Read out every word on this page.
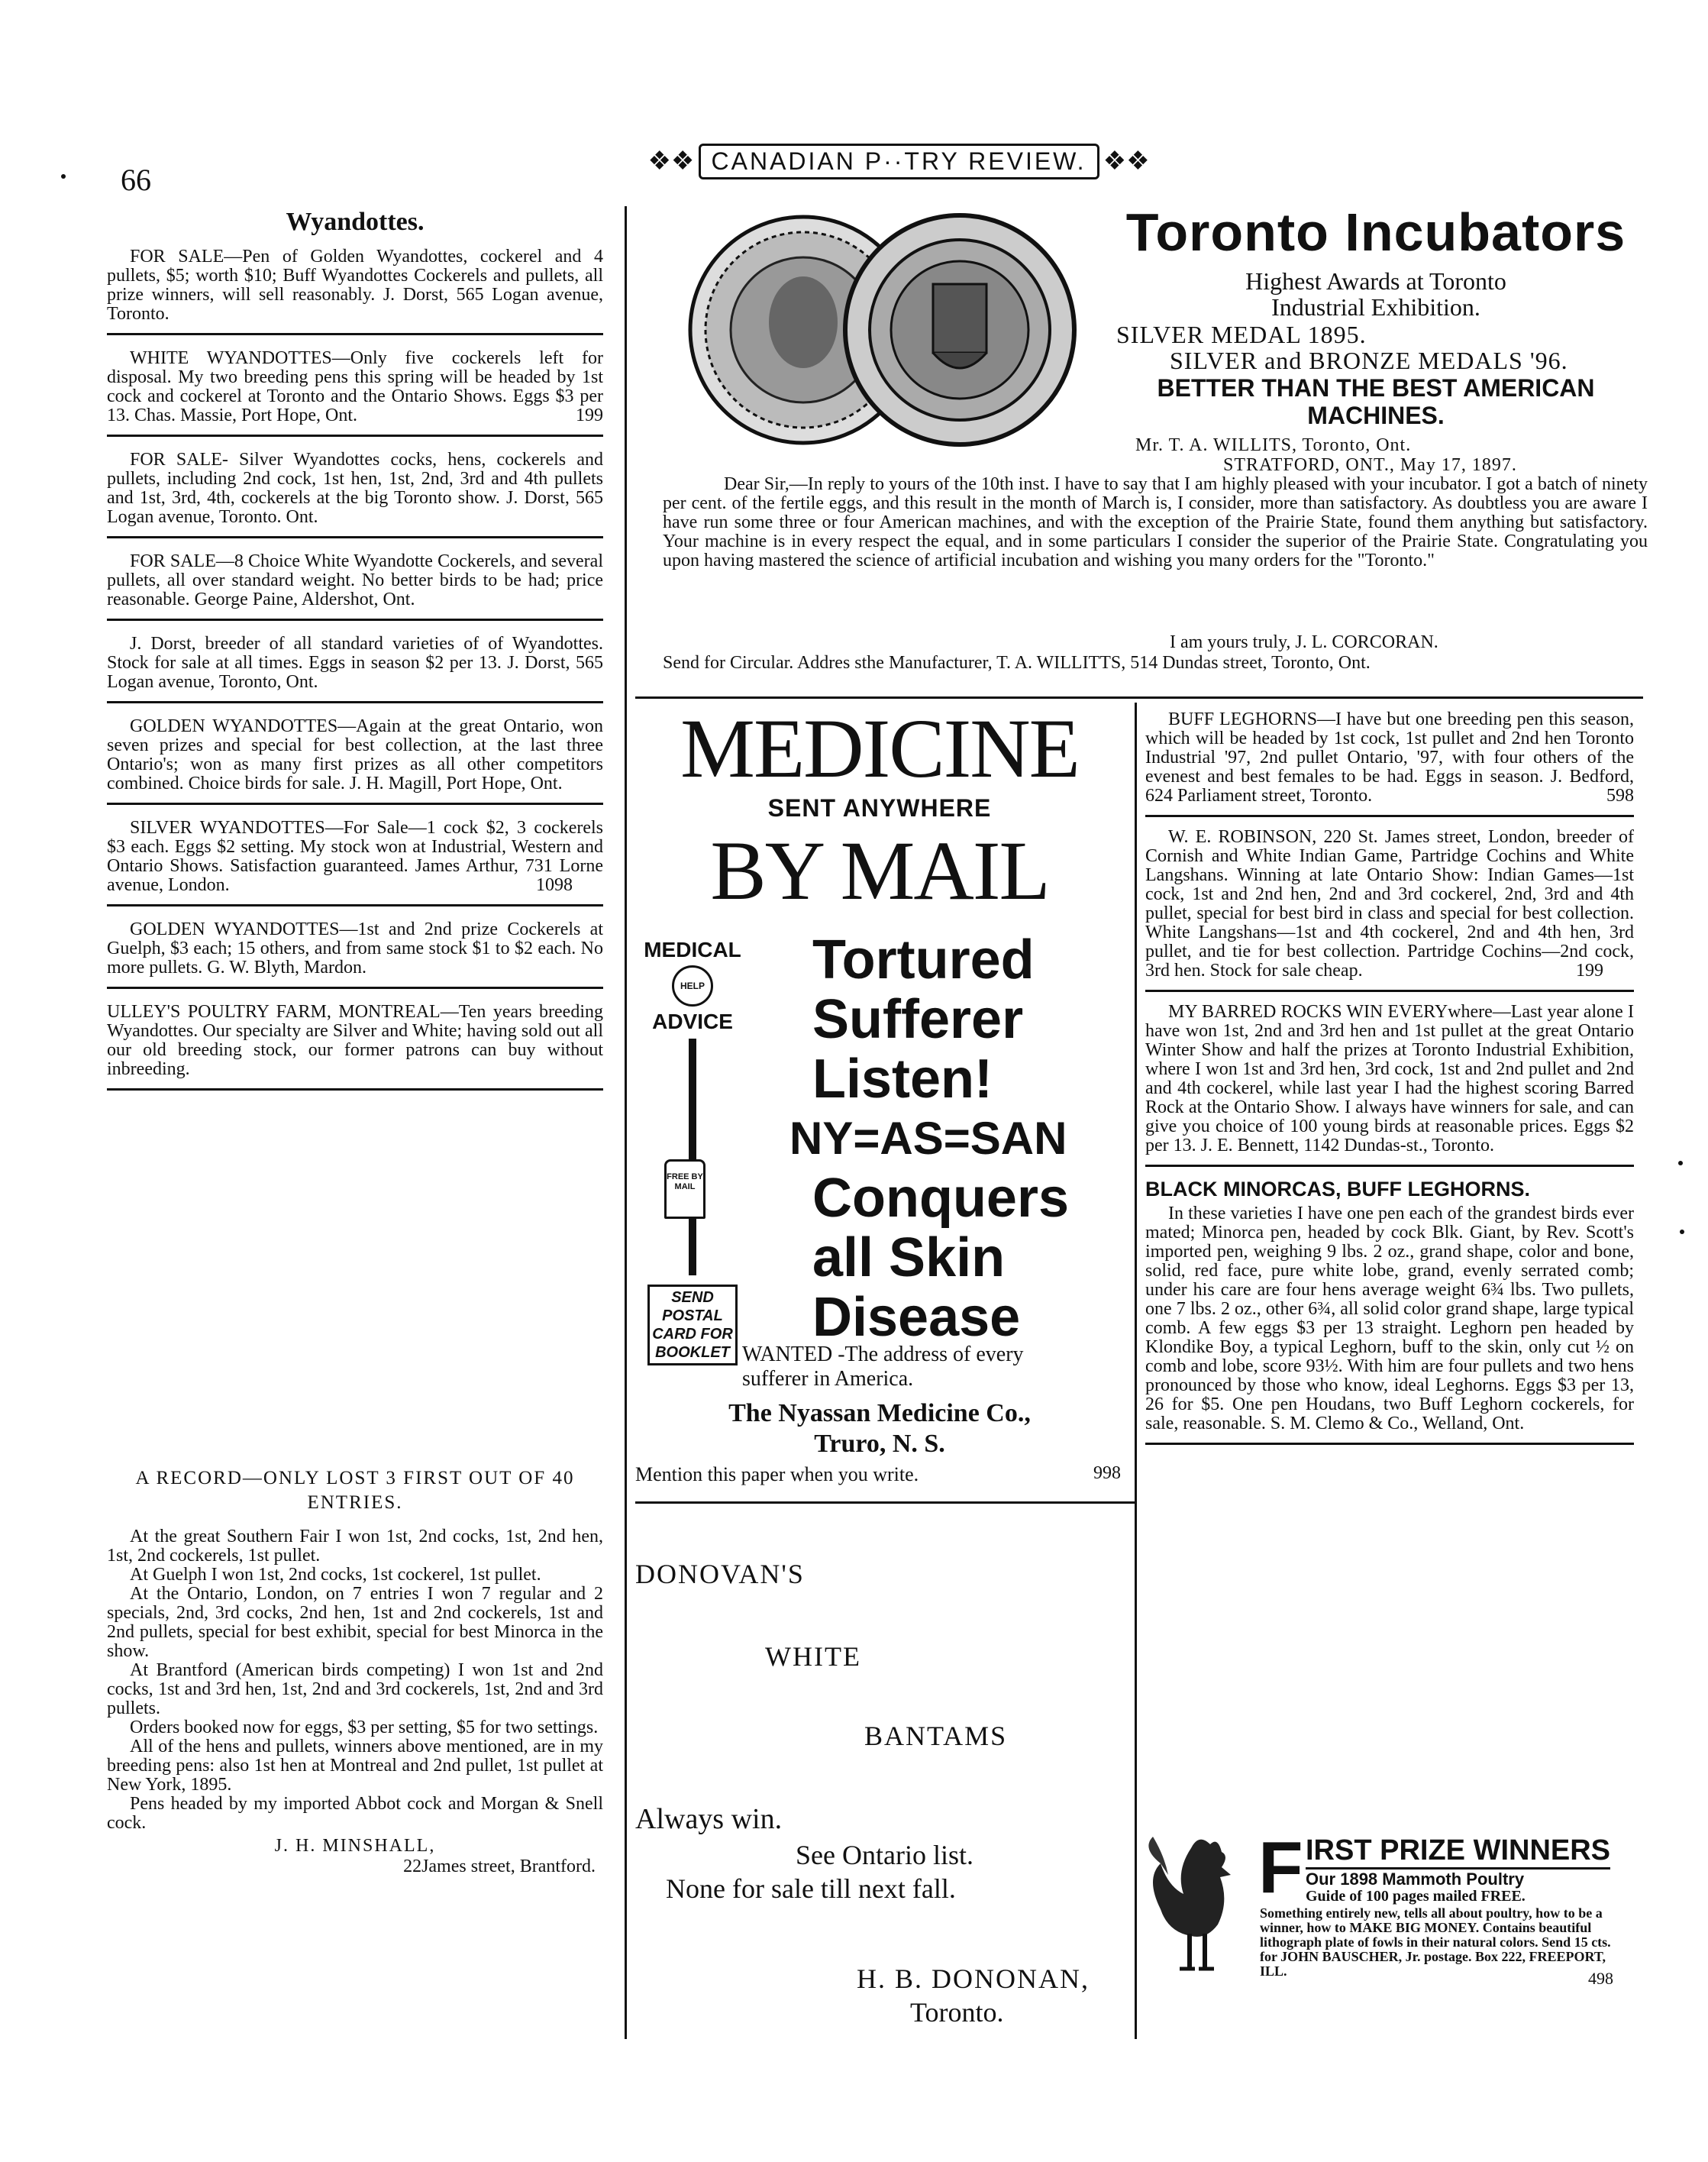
66
❖❖ CANADIAN P··TRY REVIEW. ❖❖
Wyandottes.

FOR SALE—Pen of Golden Wyandottes, cockerel and 4 pullets, $5; worth $10; Buff Wyandottes Cockerels and pullets, all prize winners, will sell reasonably. J. Dorst, 565 Logan avenue, Toronto.

WHITE WYANDOTTES—Only five cockerels left for disposal. My two breeding pens this spring will be headed by 1st cock and cockerel at Toronto and the Ontario Shows. Eggs $3 per 13. Chas. Massie, Port Hope, Ont.	199

FOR SALE- Silver Wyandottes cocks, hens, cockerels and pullets, including 2nd cock, 1st hen, 1st, 2nd, 3rd and 4th pullets and 1st, 3rd, 4th, cockerels at the big Toronto show. J. Dorst, 565 Logan avenue, Toronto. Ont.

FOR SALE—8 Choice White Wyandotte Cockerels, and several pullets, all over standard weight. No better birds to be had; price reasonable. George Paine, Aldershot, Ont.

J. Dorst, breeder of all standard varieties of of Wyandottes. Stock for sale at all times. Eggs in season $2 per 13. J. Dorst, 565 Logan avenue, Toronto, Ont.

GOLDEN WYANDOTTES—Again at the great Ontario, won seven prizes and special for best collection, at the last three Ontario's; won as many first prizes as all other competitors combined. Choice birds for sale. J. H. Magill, Port Hope, Ont.

SILVER WYANDOTTES—For Sale—1 cock $2, 3 cockerels $3 each. Eggs $2 setting. My stock won at Industrial, Western and Ontario Shows. Satisfaction guaranteed. James Arthur, 731 Lorne avenue, London.	1098

GOLDEN WYANDOTTES—1st and 2nd prize Cockerels at Guelph, $3 each; 15 others, and from same stock $1 to $2 each. No more pullets. G. W. Blyth, Mardon.

ULLEY'S POULTRY FARM, MONTREAL—Ten years breeding Wyandottes. Our specialty are Silver and White; having sold out all our old breeding stock, our former patrons can buy without inbreeding.

A RECORD—ONLY LOST 3 FIRST OUT OF 40 ENTRIES.

At the great Southern Fair I won 1st, 2nd cocks, 1st, 2nd hen, 1st, 2nd cockerels, 1st pullet.

At Guelph I won 1st, 2nd cocks, 1st cockerel, 1st pullet.

At the Ontario, London, on 7 entries I won 7 regular and 2 specials, 2nd, 3rd cocks, 2nd hen, 1st and 2nd cockerels, 1st and 2nd pullets, special for best exhibit, special for best Minorca in the show.

At Brantford (American birds competing) I won 1st and 2nd cocks, 1st and 3rd hen, 1st, 2nd and 3rd cockerels, 1st, 2nd and 3rd pullets.

Orders booked now for eggs, $3 per setting, $5 for two settings.

All of the hens and pullets, winners above mentioned, are in my breeding pens: also 1st hen at Montreal and 2nd pullet, 1st pullet at New York, 1895.

Pens headed by my imported Abbot cock and Morgan & Snell cock.

J. H. MINSHALL,
22James street, Brantford.
Toronto Incubators
Highest Awards at Toronto
Industrial Exhibition.
SILVER MEDAL 1895.
SILVER and BRONZE MEDALS '96.
BETTER THAN THE BEST AMERICAN MACHINES.
Mr. T. A. WILLITS, Toronto, Ont.
STRATFORD, ONT., May 17, 1897.
Dear Sir,—In reply to yours of the 10th inst. I have to say that I am highly pleased with your incubator. I got a batch of ninety per cent. of the fertile eggs, and this result in the month of March is, I consider, more than satisfactory. As doubtless you are aware I have run some three or four American machines, and with the exception of the Prairie State, found them anything but satisfactory. Your machine is in every respect the equal, and in some particulars I consider the superior of the Prairie State. Congratulating you upon having mastered the science of artificial incubation and wishing you many orders for the "Toronto."
I am yours truly, J. L. CORCORAN.
Send for Circular. Addres sthe Manufacturer, T. A. WILLITTS, 514 Dundas street, Toronto, Ont.
MEDICINE
SENT ANYWHERE
BY MAIL
MEDICAL
HELP
ADVICE
FREE BY MAIL
SEND POSTAL CARD FOR BOOKLET
Tortured
Sufferer
Listen!
NY=AS=SAN
Conquers
all Skin
Disease
WANTED -The address of every sufferer in America.
The Nyassan Medicine Co.,
Truro, N. S.
Mention this paper when you write.	998
DONOVAN'S
WHITE
BANTAMS
Always win.
See Ontario list.
None for sale till next fall.
H. B. DONONAN,
Toronto.

BUFF LEGHORNS—I have but one breeding pen this season, which will be headed by 1st cock, 1st pullet and 2nd hen Toronto Industrial '97, 2nd pullet Ontario, '97, with four others of the evenest and best females to be had. Eggs in season. J. Bedford, 624 Parliament street, Toronto.	598

W. E. ROBINSON, 220 St. James street, London, breeder of Cornish and White Indian Game, Partridge Cochins and White Langshans. Winning at late Ontario Show: Indian Games—1st cock, 1st and 2nd hen, 2nd and 3rd cockerel, 2nd, 3rd and 4th pullet, special for best bird in class and special for best collection. White Langshans—1st and 4th cockerel, 2nd and 4th hen, 3rd pullet, and tie for best collection. Partridge Cochins—2nd cock, 3rd hen. Stock for sale cheap.	199

MY BARRED ROCKS WIN EVERYwhere—Last year alone I have won 1st, 2nd and 3rd hen and 1st pullet at the great Ontario Winter Show and half the prizes at Toronto Industrial Exhibition, where I won 1st and 3rd hen, 3rd cock, 1st and 2nd pullet and 2nd and 4th cockerel, while last year I had the highest scoring Barred Rock at the Ontario Show. I always have winners for sale, and can give you choice of 100 young birds at reasonable prices. Eggs $2 per 13. J. E. Bennett, 1142 Dundas-st., Toronto.

BLACK MINORCAS, BUFF LEGHORNS.
In these varieties I have one pen each of the grandest birds ever mated; Minorca pen, headed by cock Blk. Giant, by Rev. Scott's imported pen, weighing 9 lbs. 2 oz., grand shape, color and bone, solid, red face, pure white lobe, grand, evenly serrated comb; under his care are four hens average weight 6¾ lbs. Two pullets, one 7 lbs. 2 oz., other 6¾, all solid color grand shape, large typical comb. A few eggs $3 per 13 straight. Leghorn pen headed by Klondike Boy, a typical Leghorn, buff to the skin, only cut ½ on comb and lobe, score 93½. With him are four pullets and two hens pronounced by those who know, ideal Leghorns. Eggs $3 per 13, 26 for $5. One pen Houdans, two Buff Leghorn cockerels, for sale, reasonable. S. M. Clemo & Co., Welland, Ont.
F IRST PRIZE WINNERS
Our 1898 Mammoth Poultry
Guide of 100 pages mailed FREE.
Something entirely new, tells all about poultry, how to be a winner, how to MAKE BIG MONEY. Contains beautiful lithograph plate of fowls in their natural colors. Send 15 cts. for JOHN BAUSCHER, Jr. postage. Box 222, FREEPORT, ILL.	498
